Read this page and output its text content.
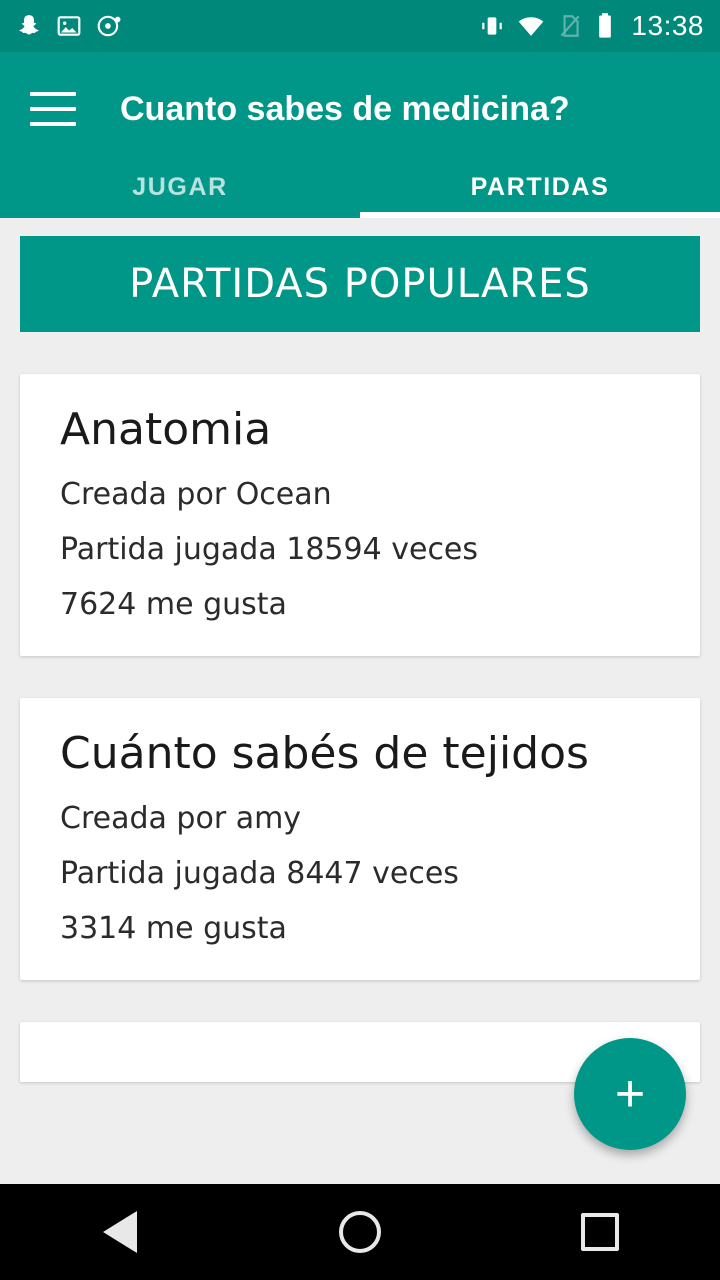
13:38
Cuanto sabes de medicina?
JUGAR	PARTIDAS
PARTIDAS POPULARES
Anatomia
Creada por Ocean
Partida jugada 18594 veces
7624 me gusta
Cuánto sabés de tejidos
Creada por amy
Partida jugada 8447 veces
3314 me gusta
+
